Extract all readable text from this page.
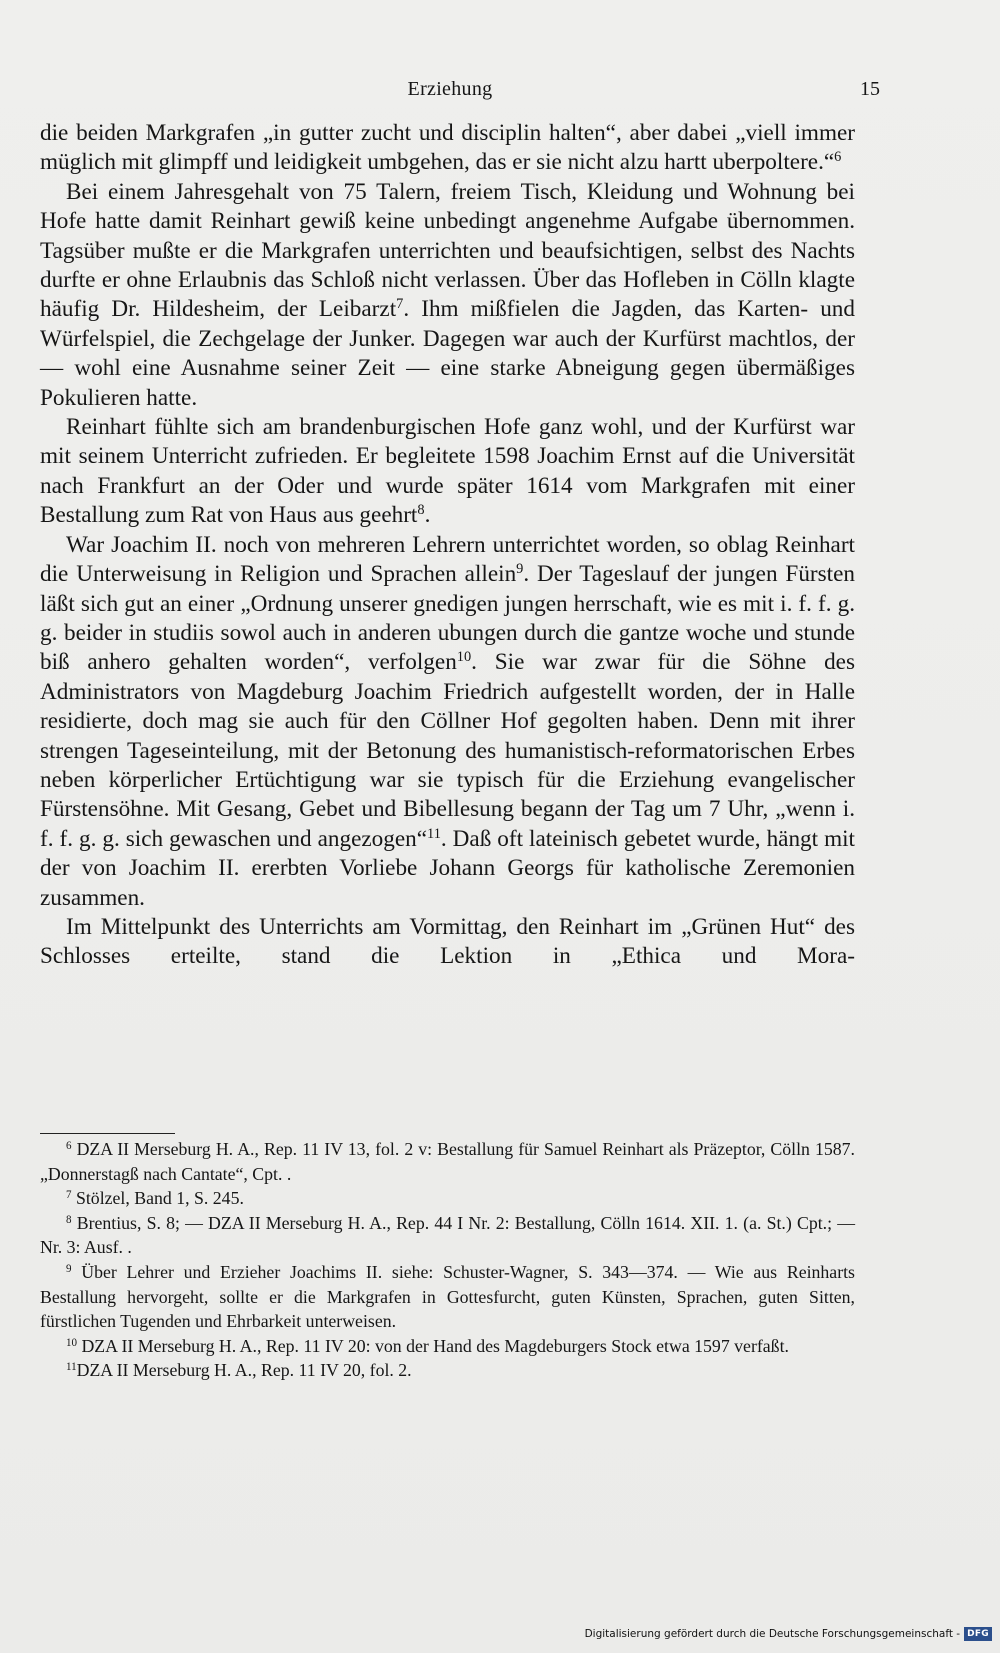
Erziehung	15

die beiden Markgrafen „in gutter zucht und disciplin halten“, aber dabei „viell immer müglich mit glimpff und leidigkeit umbgehen, das er sie nicht alzu hartt uberpoltere.“$^6$

Bei einem Jahresgehalt von 75 Talern, freiem Tisch, Kleidung und Wohnung bei Hofe hatte damit Reinhart gewiß keine unbedingt angenehme Aufgabe übernommen. Tagsüber mußte er die Markgrafen unterrichten und beaufsichtigen, selbst des Nachts durfte er ohne Erlaubnis das Schloß nicht verlassen. Über das Hofleben in Cölln klagte häufig Dr. Hildesheim, der Leibarzt$^7$. Ihm mißfielen die Jagden, das Karten- und Würfelspiel, die Zechgelage der Junker. Dagegen war auch der Kurfürst machtlos, der — wohl eine Ausnahme seiner Zeit — eine starke Abneigung gegen übermäßiges Pokulieren hatte.

Reinhart fühlte sich am brandenburgischen Hofe ganz wohl, und der Kurfürst war mit seinem Unterricht zufrieden. Er begleitete 1598 Joachim Ernst auf die Universität nach Frankfurt an der Oder und wurde später 1614 vom Markgrafen mit einer Bestallung zum Rat von Haus aus geehrt$^8$.

War Joachim II. noch von mehreren Lehrern unterrichtet worden, so oblag Reinhart die Unterweisung in Religion und Sprachen allein$^9$. Der Tageslauf der jungen Fürsten läßt sich gut an einer „Ordnung unserer gnedigen jungen herrschaft, wie es mit i. f. f. g. g. beider in studiis sowol auch in anderen ubungen durch die gantze woche und stunde biß anhero gehalten worden“, verfolgen$^{10}$. Sie war zwar für die Söhne des Administrators von Magdeburg Joachim Friedrich aufgestellt worden, der in Halle residierte, doch mag sie auch für den Cöllner Hof gegolten haben. Denn mit ihrer strengen Tageseinteilung, mit der Betonung des humanistisch-reformatorischen Erbes neben körperlicher Ertüchtigung war sie typisch für die Erziehung evangelischer Fürstensöhne. Mit Gesang, Gebet und Bibellesung begann der Tag um 7 Uhr, „wenn i. f. f. g. g. sich gewaschen und angezogen“$^{11}$. Daß oft lateinisch gebetet wurde, hängt mit der von Joachim II. ererbten Vorliebe Johann Georgs für katholische Zeremonien zusammen.

Im Mittelpunkt des Unterrichts am Vormittag, den Reinhart im „Grünen Hut“ des Schlosses erteilte, stand die Lektion in „Ethica und Mora-

$^6$ DZA II Merseburg H. A., Rep. 11 IV 13, fol. 2 v: Bestallung für Samuel Reinhart als Präzeptor, Cölln 1587. „Donnerstagß nach Cantate“, Cpt. .

$^7$ Stölzel, Band 1, S. 245.

$^8$ Brentius, S. 8; — DZA II Merseburg H. A., Rep. 44 I Nr. 2: Bestallung, Cölln 1614. XII. 1. (a. St.) Cpt.; — Nr. 3: Ausf. .

$^9$ Über Lehrer und Erzieher Joachims II. siehe: Schuster-Wagner, S. 343—374. — Wie aus Reinharts Bestallung hervorgeht, sollte er die Markgrafen in Gottesfurcht, guten Künsten, Sprachen, guten Sitten, fürstlichen Tugenden und Ehrbarkeit unterweisen.

$^{10}$ DZA II Merseburg H. A., Rep. 11 IV 20: von der Hand des Magdeburgers Stock etwa 1597 verfaßt.

$^{11}$DZA II Merseburg H. A., Rep. 11 IV 20, fol. 2.

Digitalisierung gefördert durch die Deutsche Forschungsgemeinschaft - DFG
